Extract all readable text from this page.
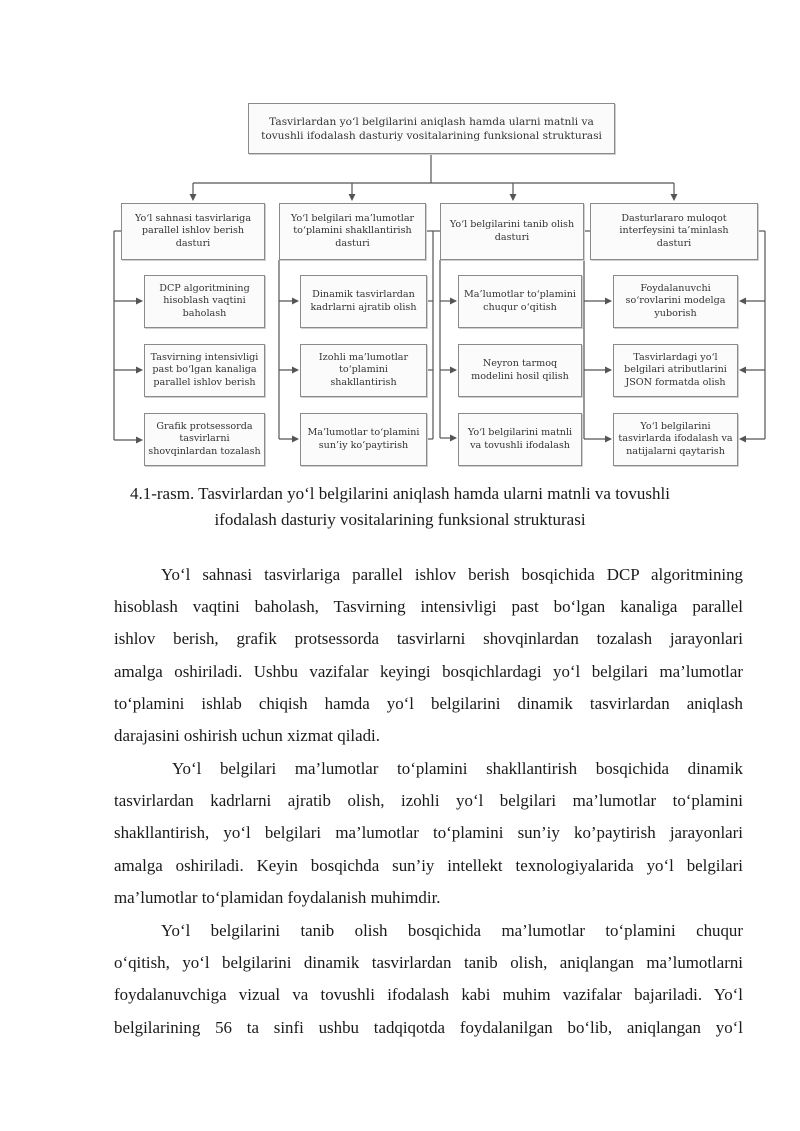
Tasvirlardan yo‘l belgilarini aniqlash hamda ularni matnli va
tovushli ifodalash dasturiy vositalarining funksional strukturasi
Yo‘l sahnasi tasvirlariga
parallel ishlov berish dasturi
Yo‘l belgilari ma’lumotlar
to‘plamini shakllantirish
dasturi
Yo‘l belgilarini tanib olish
dasturi
Dasturlararo muloqot
interfeysini ta’minlash
dasturi
DCP algoritmining
hisoblash vaqtini
baholash
Tasvirning intensivligi
past bo‘lgan kanaliga
parallel ishlov berish
Grafik protsessorda
tasvirlarni
shovqinlardan tozalash
Dinamik tasvirlardan
kadrlarni ajratib olish
Izohli ma’lumotlar
to‘plamini
shakllantirish
Ma’lumotlar to‘plamini
sun’iy ko’paytirish
Ma’lumotlar to‘plamini
chuqur o‘qitish
Neyron tarmoq
modelini hosil qilish
Yo‘l belgilarini matnli
va tovushli ifodalash
Foydalanuvchi
so‘rovlarini modelga
yuborish
Tasvirlardagi yo‘l
belgilari atributlarini
JSON formatda olish
Yo‘l belgilarini
tasvirlarda ifodalash va
natijalarni qaytarish
4.1-rasm. Tasvirlardan yo‘l belgilarini aniqlash hamda ularni matnli va tovushli
ifodalash dasturiy vositalarining funksional strukturasi
Yo‘l sahnasi tasvirlariga parallel ishlov berish bosqichida DCP algoritmining
hisoblash vaqtini baholash, Tasvirning intensivligi past bo‘lgan kanaliga parallel
ishlov berish, grafik protsessorda tasvirlarni shovqinlardan tozalash jarayonlari
amalga oshiriladi. Ushbu vazifalar keyingi bosqichlardagi yo‘l belgilari ma’lumotlar
to‘plamini ishlab chiqish hamda yo‘l belgilarini dinamik tasvirlardan aniqlash
darajasini oshirish uchun xizmat qiladi.
Yo‘l belgilari ma’lumotlar to‘plamini shakllantirish bosqichida dinamik
tasvirlardan kadrlarni ajratib olish, izohli yo‘l belgilari ma’lumotlar to‘plamini
shakllantirish, yo‘l belgilari ma’lumotlar to‘plamini sun’iy ko’paytirish jarayonlari
amalga oshiriladi. Keyin bosqichda sun’iy intellekt texnologiyalarida yo‘l belgilari
ma’lumotlar to‘plamidan foydalanish muhimdir.
Yo‘l belgilarini tanib olish bosqichida ma’lumotlar to‘plamini chuqur
o‘qitish, yo‘l belgilarini dinamik tasvirlardan tanib olish, aniqlangan ma’lumotlarni
foydalanuvchiga vizual va tovushli ifodalash kabi muhim vazifalar bajariladi. Yo‘l
belgilarining 56 ta sinfi ushbu tadqiqotda foydalanilgan bo‘lib, aniqlangan yo‘l
